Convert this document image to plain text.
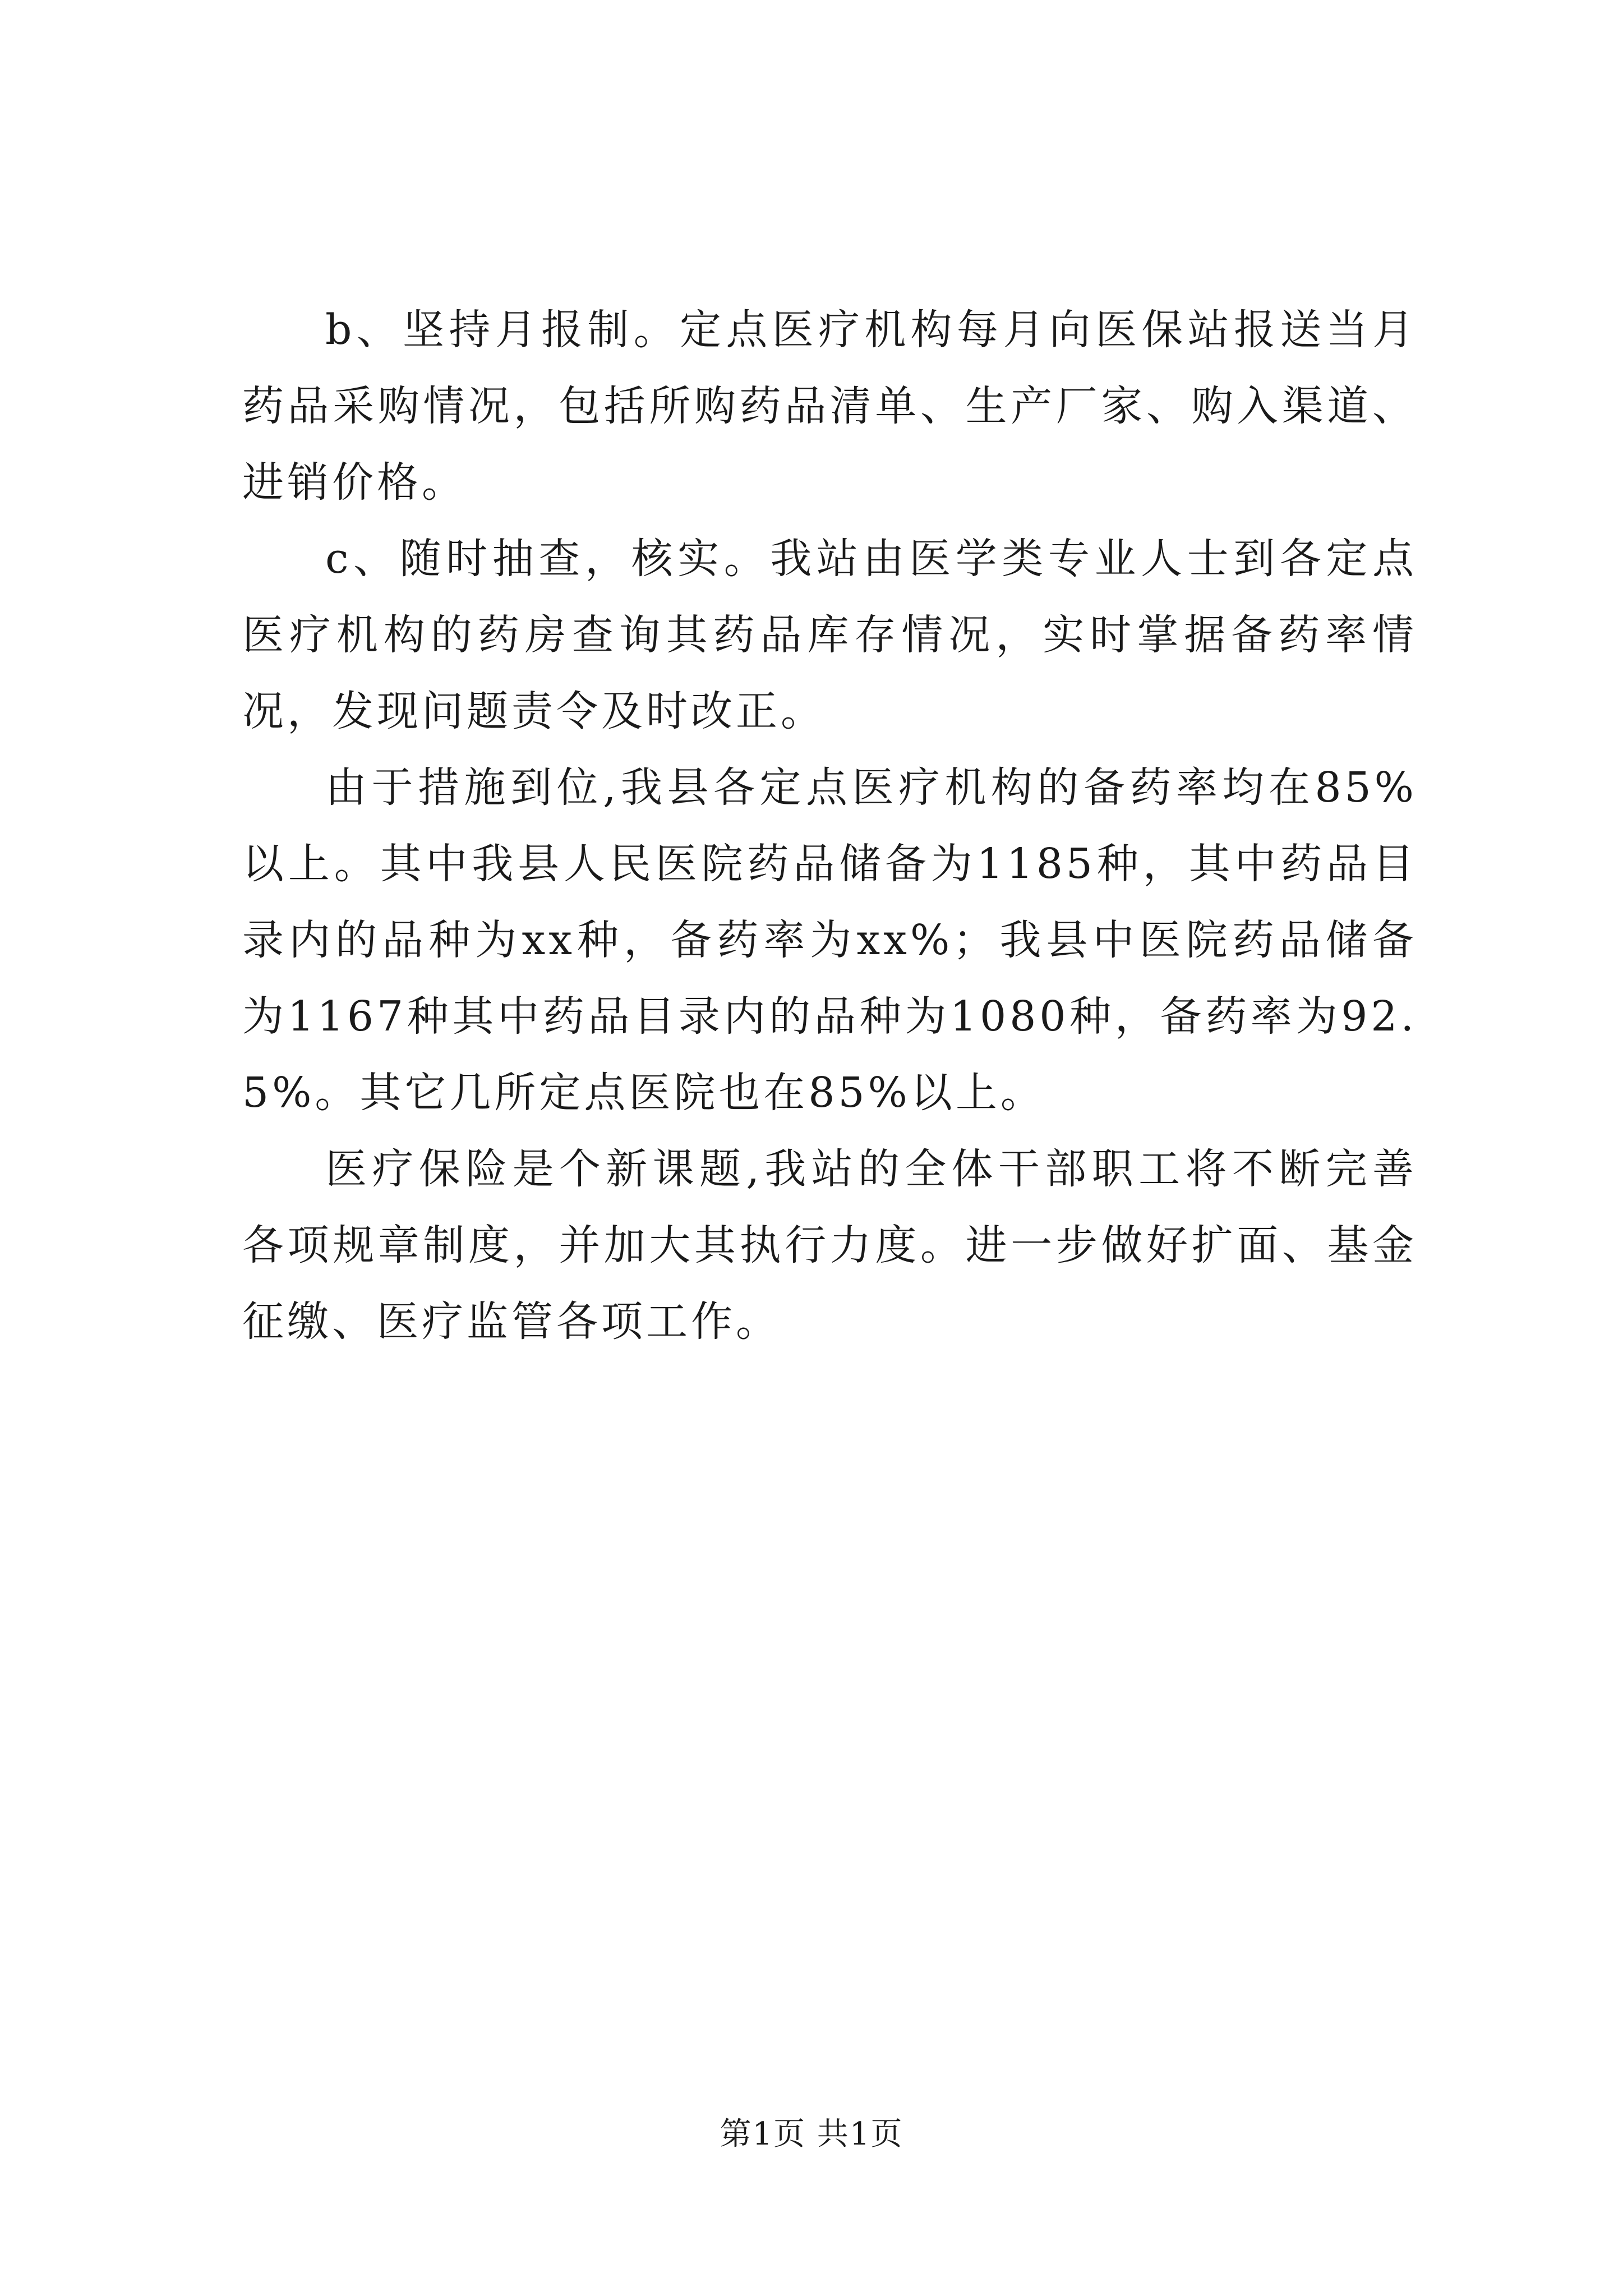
b、坚持月报制。定点医疗机构每月向医保站报送当月药品采购情况，包括所购药品清单、生产厂家、购入渠道、进销价格。

c、随时抽查，核实。我站由医学类专业人士到各定点医疗机构的药房查询其药品库存情况，实时掌据备药率情况，发现问题责令及时改正。

由于措施到位,我县各定点医疗机构的备药率均在85%以上。其中我县人民医院药品储备为1185种，其中药品目录内的品种为xx种，备药率为xx%；我县中医院药品储备为1167种其中药品目录内的品种为1080种，备药率为92.5%。其它几所定点医院也在85%以上。

医疗保险是个新课题,我站的全体干部职工将不断完善各项规章制度，并加大其执行力度。进一步做好扩面、基金征缴、医疗监管各项工作。

第1页 共1页
